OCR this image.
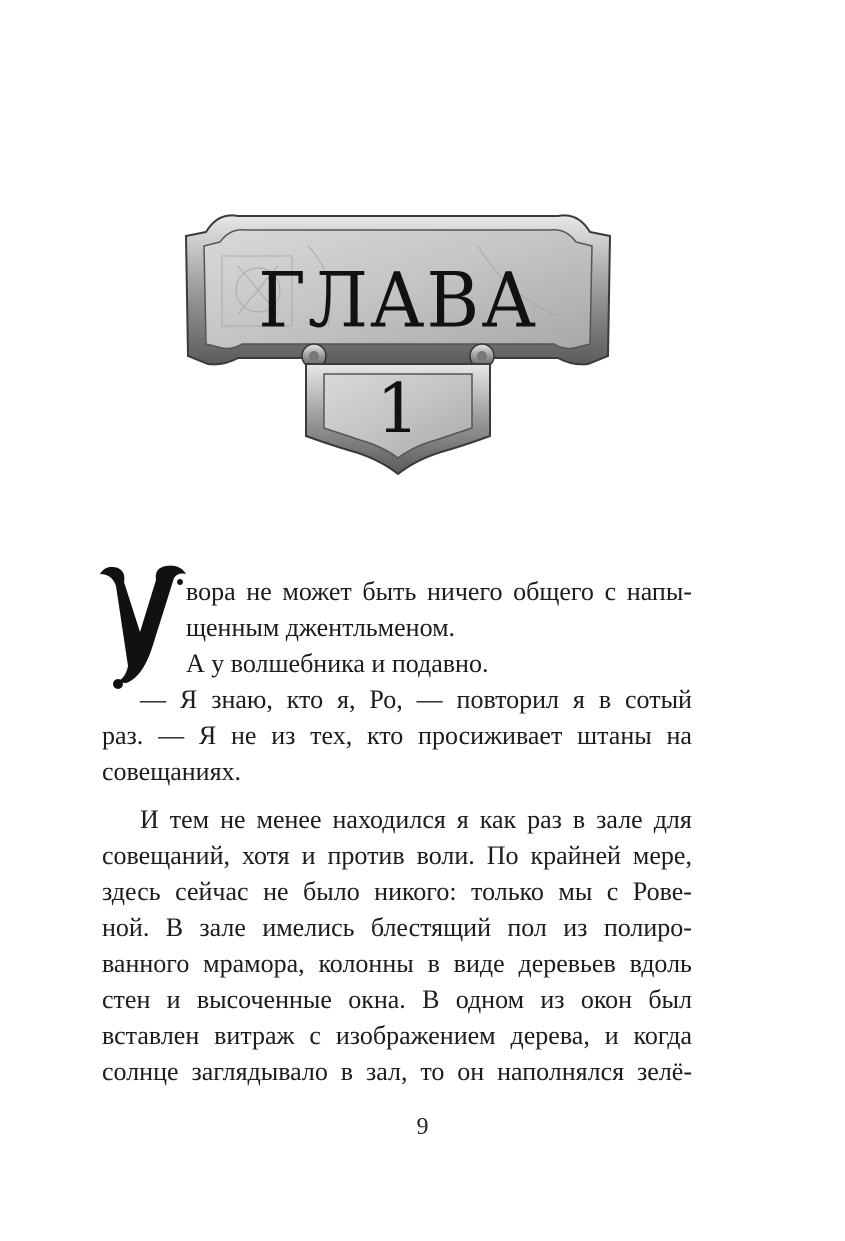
ГЛАВА
1
вора не может быть ничего общего с напы-
щенным джентльменом.
А у волшебника и подавно.
— Я знаю, кто я, Ро, — повторил я в сотый
раз. — Я не из тех, кто просиживает штаны на
совещаниях.
И тем не менее находился я как раз в зале для
совещаний, хотя и против воли. По крайней мере,
здесь сейчас не было никого: только мы с Рове-
ной. В зале имелись блестящий пол из полиро-
ванного мрамора, колонны в виде деревьев вдоль
стен и высоченные окна. В одном из окон был
вставлен витраж с изображением дерева, и когда
солнце заглядывало в зал, то он наполнялся зелё-
9
